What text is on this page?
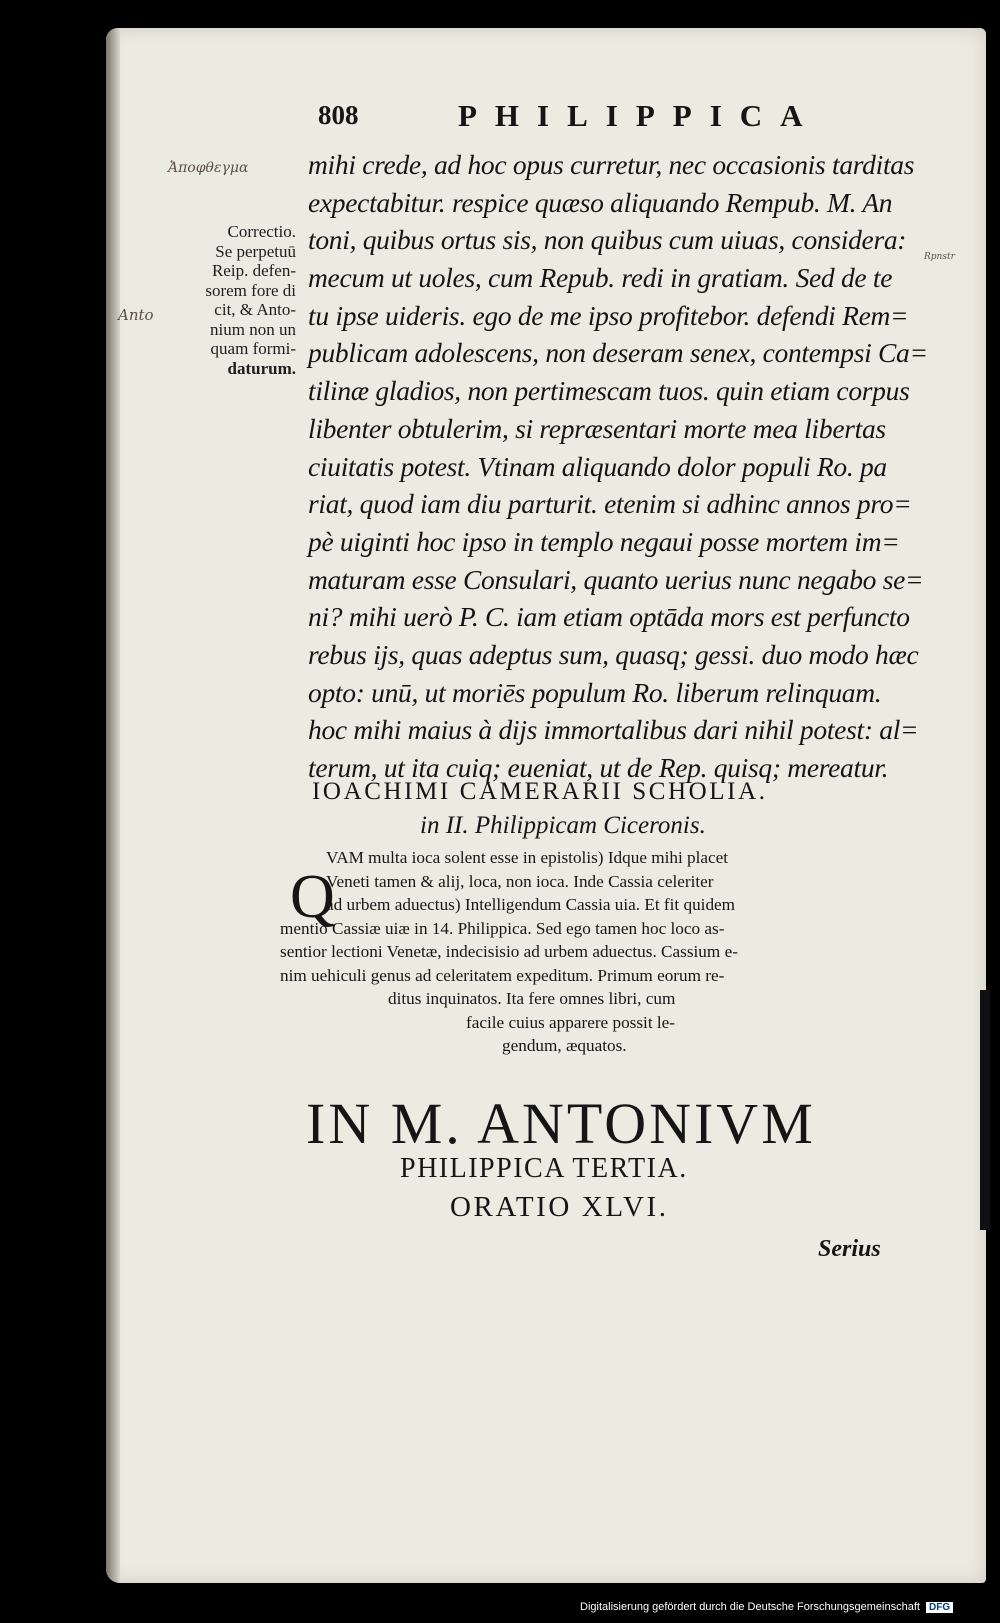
808	PHILIPPICA
Ἀποφθεγμα
Anto
Rpnstr
Correctio.
Se perpetuū
Reip. defen-
sorem fore di
cit, & Anto-
nium non un
quam formi-
daturum.
mihi crede, ad hoc opus curretur, nec occasionis tarditas
expectabitur. respice quæso aliquando Rempub. M. An
toni, quibus ortus sis, non quibus cum uiuas, considera:
mecum ut uoles, cum Repub. redi in gratiam. Sed de te
tu ipse uideris. ego de me ipso profitebor. defendi Rem=
publicam adolescens, non deseram senex, contempsi Ca=
tilinæ gladios, non pertimescam tuos. quin etiam corpus
libenter obtulerim, si repræsentari morte mea libertas
ciuitatis potest. Vtinam aliquando dolor populi Ro. pa
riat, quod iam diu parturit. etenim si adhinc annos pro=
pè uiginti hoc ipso in templo negaui posse mortem im=
maturam esse Consulari, quanto uerius nunc negabo se=
ni? mihi uerò P. C. iam etiam optāda mors est perfuncto
rebus ijs, quas adeptus sum, quasq; gessi. duo modo hæc
opto: unū, ut moriēs populum Ro. liberum relinquam.
hoc mihi maius à dijs immortalibus dari nihil potest: al=
terum, ut ita cuiq; eueniat, ut de Rep. quisq; mereatur.
IOACHIMI CAMERARII SCHOLIA.
in II. Philippicam Ciceronis.
Q
VAM multa ioca solent esse in epistolis) Idque mihi placet
Veneti tamen & alij, loca, non ioca. Inde Cassia celeriter
ad urbem aduectus) Intelligendum Cassia uia. Et fit quidem
mentio Cassiæ uiæ in 14. Philippica. Sed ego tamen hoc loco as-
sentior lectioni Venetæ, indecisisio ad urbem aduectus. Cassium e-
nim uehiculi genus ad celeritatem expeditum. Primum eorum re-
ditus inquinatos. Ita fere omnes libri, cum
facile cuius apparere possit le-
gendum, æquatos.
IN M. ANTONIVM
PHILIPPICA TERTIA.
ORATIO XLVI.
Serius
Digitalisierung gefördert durch die Deutsche Forschungsgemeinschaft DFG
